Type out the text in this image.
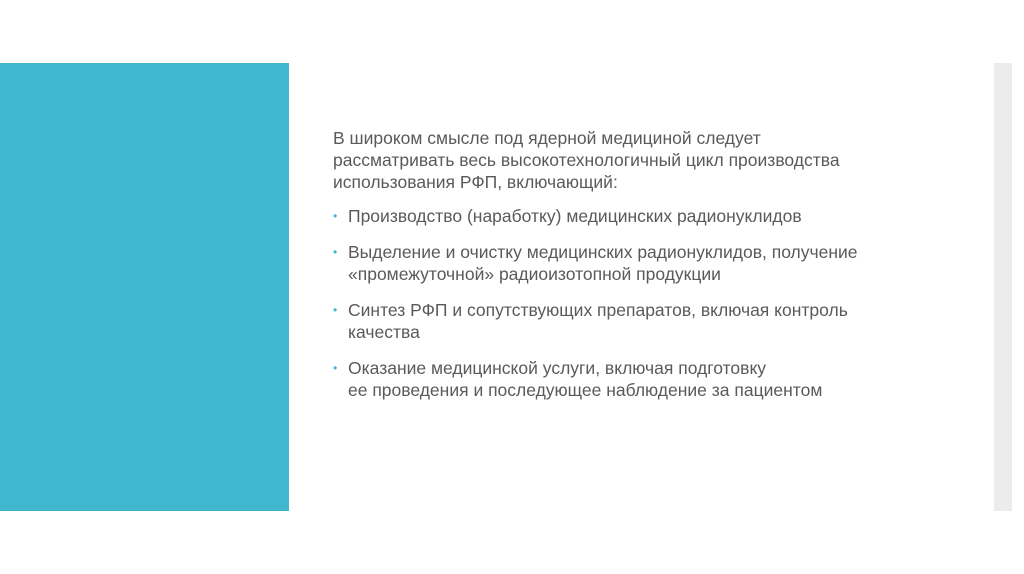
В широком смысле под ядерной медициной следует
рассматривать весь высокотехнологичный цикл производства
использования РФП, включающий:

• Производство (наработку) медицинских радионуклидов
• Выделение и очистку медицинских радионуклидов, получение
«промежуточной» радиоизотопной продукции
• Синтез РФП и сопутствующих препаратов, включая контроль
качества
• Оказание медицинской услуги, включая подготовку
ее проведения и последующее наблюдение за пациентом
